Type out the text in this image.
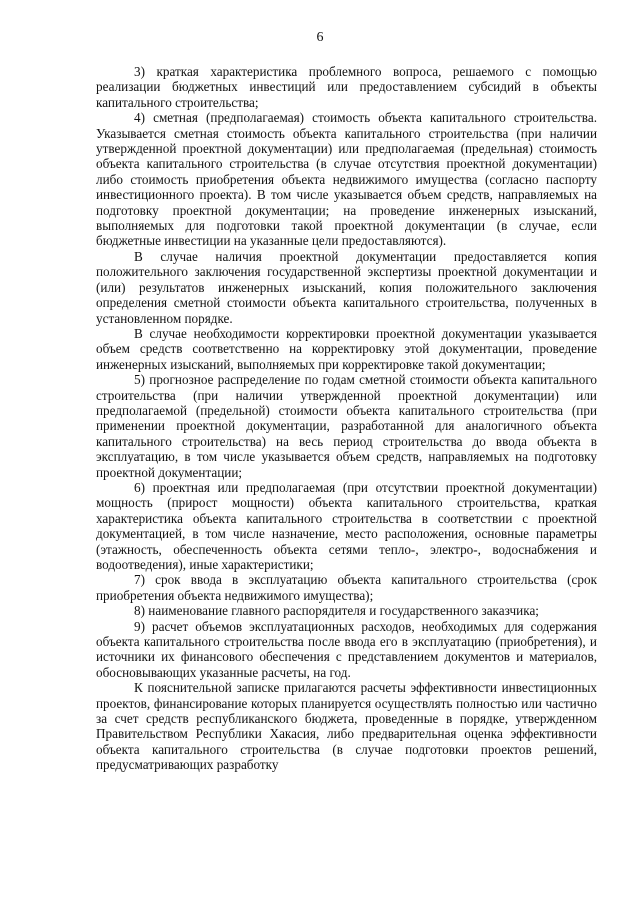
6

3) краткая характеристика проблемного вопроса, решаемого с помощью реализации бюджетных инвестиций или предоставлением субсидий в объекты капитального строительства;

4) сметная (предполагаемая) стоимость объекта капитального строительства. Указывается сметная стоимость объекта капитального строительства (при наличии утвержденной проектной документации) или предполагаемая (предельная) стоимость объекта капитального строительства (в случае отсутствия проектной документации) либо стоимость приобретения объекта недвижимого имущества (согласно паспорту инвестиционного проекта). В том числе указывается объем средств, направляемых на подготовку проектной документации; на проведение инженерных изысканий, выполняемых для подготовки такой проектной документации (в случае, если бюджетные инвестиции на указанные цели предоставляются).

В случае наличия проектной документации предоставляется копия положительного заключения государственной экспертизы проектной документации и (или) результатов инженерных изысканий, копия положительного заключения определения сметной стоимости объекта капитального строительства, полученных в установленном порядке.

В случае необходимости корректировки проектной документации указывается объем средств соответственно на корректировку этой документации, проведение инженерных изысканий, выполняемых при корректировке такой документации;

5) прогнозное распределение по годам сметной стоимости объекта капитального строительства (при наличии утвержденной проектной документации) или предполагаемой (предельной) стоимости объекта капитального строительства (при применении проектной документации, разработанной для аналогичного объекта капитального строительства) на весь период строительства до ввода объекта в эксплуатацию, в том числе указывается объем средств, направляемых на подготовку проектной документации;

6) проектная или предполагаемая (при отсутствии проектной документации) мощность (прирост мощности) объекта капитального строительства, краткая характеристика объекта капитального строительства в соответствии с проектной документацией, в том числе назначение, место расположения, основные параметры (этажность, обеспеченность объекта сетями тепло-, электро-, водоснабжения и водоотведения), иные характеристики;

7) срок ввода в эксплуатацию объекта капитального строительства (срок приобретения объекта недвижимого имущества);

8) наименование главного распорядителя и государственного заказчика;

9) расчет объемов эксплуатационных расходов, необходимых для содержания объекта капитального строительства после ввода его в эксплуатацию (приобретения), и источники их финансового обеспечения с представлением документов и материалов, обосновывающих указанные расчеты, на год.

К пояснительной записке прилагаются расчеты эффективности инвестиционных проектов, финансирование которых планируется осуществлять полностью или частично за счет средств республиканского бюджета, проведенные в порядке, утвержденном Правительством Республики Хакасия, либо предварительная оценка эффективности объекта капитального строительства (в случае подготовки проектов решений, предусматривающих разработку
